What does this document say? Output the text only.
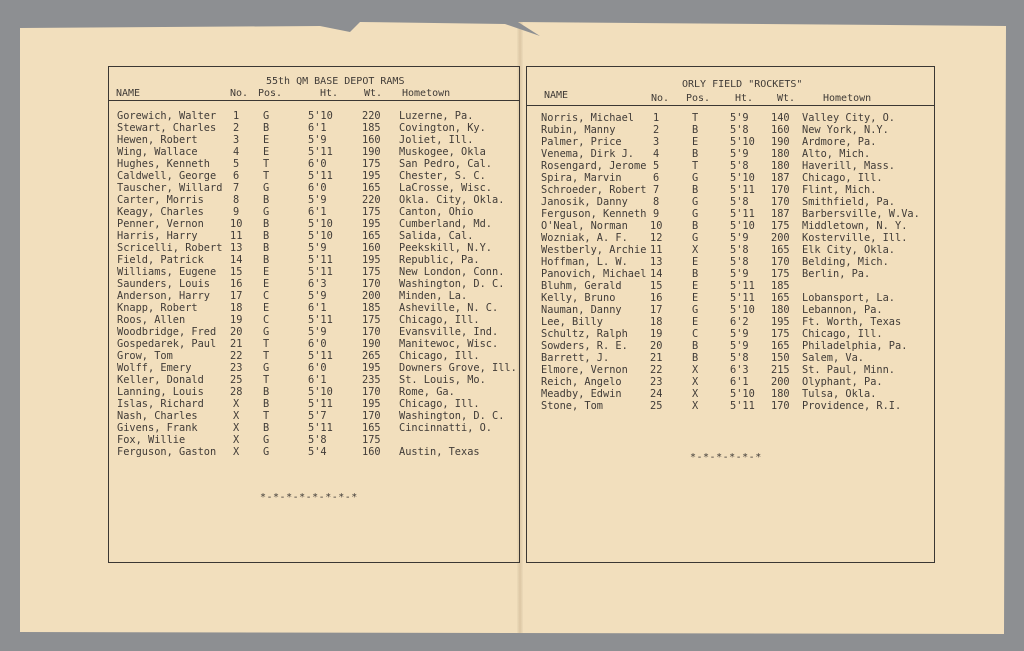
55th QM BASE DEPOT RAMS
NAME	No. Pos.	Ht.	Wt. Hometown
ORLY FIELD "ROCKETS"
NAME	No. Pos. Ht. Wt.	Hometown
Gorewich, Walter 1 G	5'10	220 Luzerne, Pa.
Stewart, Charles 2 B	6'1	185 Covington, Ky.
Hewen, Robert	3 E	5'9	160 Joliet, Ill.
Wing, Wallace	4 E	5'11	190 Muskogee, Okla
Hughes, Kenneth 5 T	6'0	175 San Pedro, Cal.
Caldwell, George 6 T	5'11	195 Chester, S. C.
Tauscher, Willard 7 G	6'0	165 LaCrosse, Wisc.
Carter, Morris	8 B	5'9	220 Okla. City, Okla.
Keagy, Charles	9 G	6'1	175 Canton, Ohio
Penner, Vernon	10 B	5'10	195 Cumberland, Md.
Harris, Harry	11 B	5'10	165 Salida, Cal.
Scricelli, Robert 13 B	5'9	160 Peekskill, N.Y.
Field, Patrick	14 B	5'11	195 Republic, Pa.
Williams, Eugene 15 E	5'11	175 New London, Conn.
Saunders, Louis 16 E	6'3	170 Washington, D. C.
Anderson, Harry 17 C	5'9	200 Minden, La.
Knapp, Robert	18 E	6'1	185 Asheville, N. C.
Roos, Allen	19 C	5'11	175 Chicago, Ill.
Woodbridge, Fred 20 G	5'9	170 Evansville, Ind.
Gospedarek, Paul 21 T	6'0	190 Manitewoc, Wisc.
Grow, Tom	22 T	5'11	265 Chicago, Ill.
Wolff, Emery	23 G	6'0	195 Downers Grove, Ill.
Keller, Donald	25 T	6'1	235 St. Louis, Mo.
Lanning, Louis	28 B	5'10	170 Rome, Ga.
Islas, Richard	X B	5'11	195 Chicago, Ill.
Nash, Charles	X T	5'7	170 Washington, D. C.
Givens, Frank	X B	5'11	165 Cincinnatti, O.
Fox, Willie	X G	5'8	175
Ferguson, Gaston X G	5'4	160 Austin, Texas
*-*-*-*-*-*-*-*
Norris, Michael 1	T	5'9 140 Valley City, O.
Rubin, Manny	2	B	5'8 160 New York, N.Y.
Palmer, Price	3	E	5'10 190 Ardmore, Pa.
Venema, Dirk J. 4	B	5'9 180 Alto, Mich.
Rosengard, Jerome 5	T	5'8 180 Haverill, Mass.
Spira, Marvin	6	G	5'10 187 Chicago, Ill.
Schroeder, Robert 7	B	5'11 170 Flint, Mich.
Janosik, Danny 8	G	5'8 170 Smithfield, Pa.
Ferguson, Kenneth 9	G	5'11 187 Barbersville, W.Va.
O'Neal, Norman 10	B	5'10 175 Middletown, N. Y.
Wozniak, A. F. 12	G	5'9 200 Kosterville, Ill.
Westberly, Archie 11	X	5'8 165 Elk City, Okla.
Hoffman, L. W. 13	E	5'8 170 Belding, Mich.
Panovich, Michael 14	B	5'9 175 Berlin, Pa.
Bluhm, Gerald	15	E	5'11 185
Kelly, Bruno	16	E	5'11 165 Lobansport, La.
Nauman, Danny	17	G	5'10 180 Lebannon, Pa.
Lee, Billy	18	E	6'2 195 Ft. Worth, Texas
Schultz, Ralph 19	C	5'9 175 Chicago, Ill.
Sowders, R. E. 20	B	5'9 165 Philadelphia, Pa.
Barrett, J.	21	B	5'8 150 Salem, Va.
Elmore, Vernon 22	X	6'3 215 St. Paul, Minn.
Reich, Angelo	23	X	6'1 200 Olyphant, Pa.
Meadby, Edwin	24	X	5'10 180 Tulsa, Okla.
Stone, Tom	25	X	5'11 170 Providence, R.I.
*-*-*-*-*-*
